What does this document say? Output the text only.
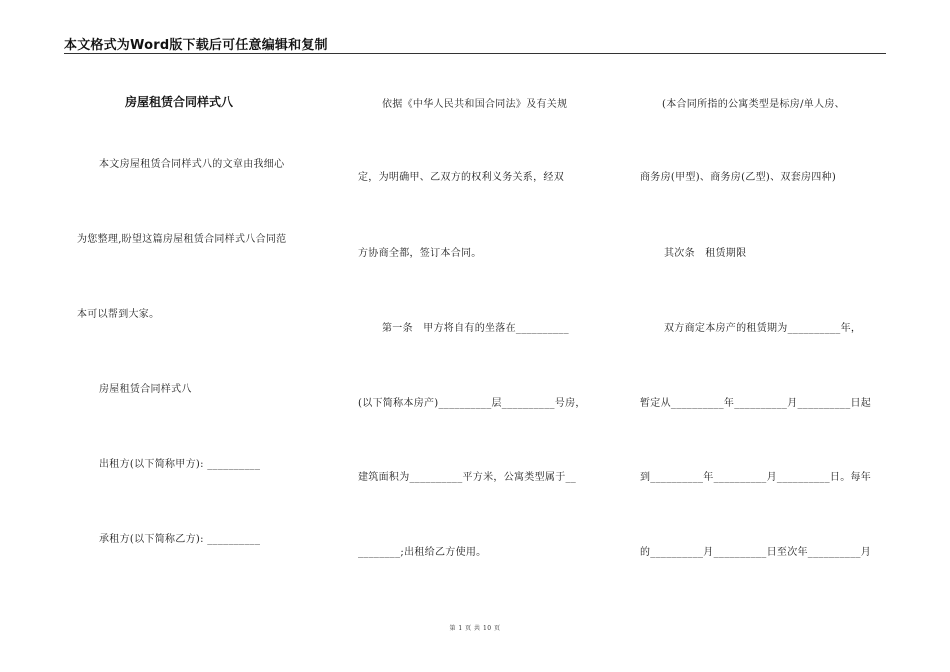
本文格式为Word版下载后可任意编辑和复制
房屋租赁合同样式八
本文房屋租赁合同样式八的文章由我细心
为您整理,盼望这篇房屋租赁合同样式八合同范
本可以帮到大家。
房屋租赁合同样式八
出租方(以下简称甲方): __________
承租方(以下简称乙方): __________
依据《中华人民共和国合同法》及有关规
定，为明确甲、乙双方的权利义务关系，经双
方协商全都，签订本合同。
第一条　甲方将自有的坐落在__________
(以下简称本房产)__________层__________号房，
建筑面积为__________平方米，公寓类型属于__
________;出租给乙方使用。
(本合同所指的公寓类型是标房/单人房、
商务房(甲型)、商务房(乙型)、双套房四种)
其次条　租赁期限
双方商定本房产的租赁期为__________年，
暂定从__________年__________月__________日起
到__________年__________月__________日。每年
的__________月__________日至次年__________月
第 1 页 共 10 页
